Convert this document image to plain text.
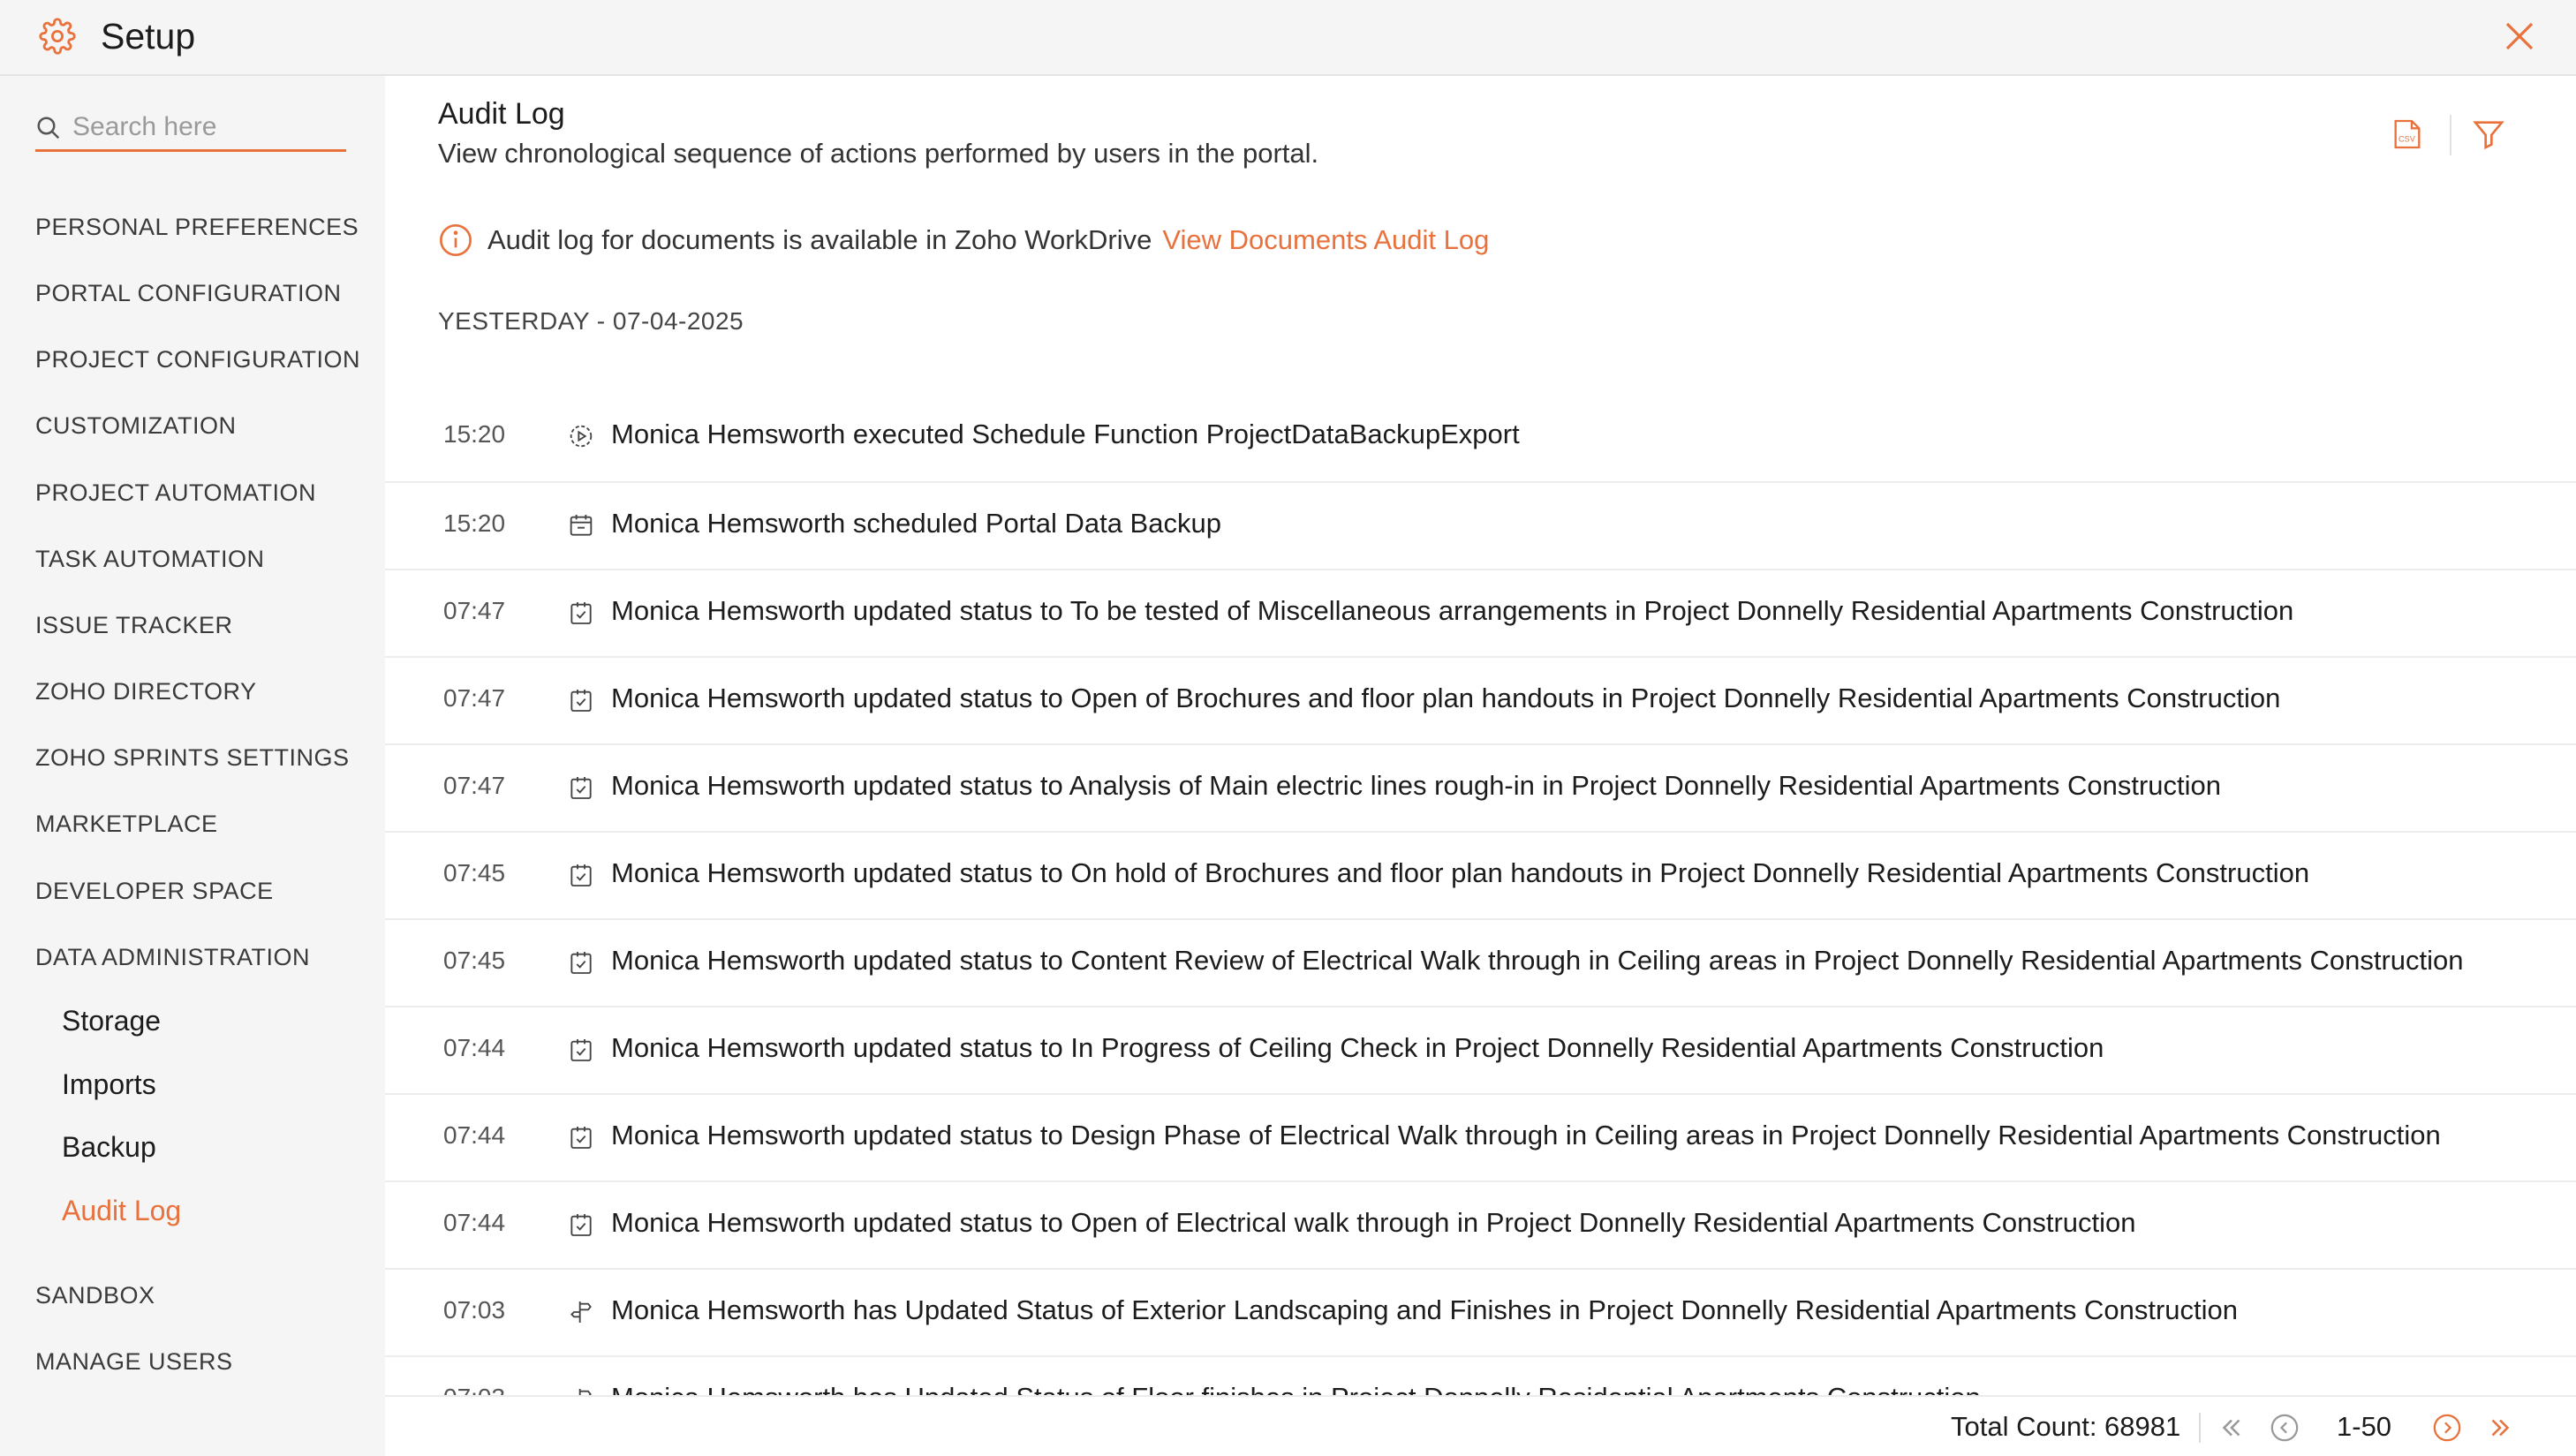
Setup
Search here
PERSONAL PREFERENCES
PORTAL CONFIGURATION
PROJECT CONFIGURATION
CUSTOMIZATION
PROJECT AUTOMATION
TASK AUTOMATION
ISSUE TRACKER
ZOHO DIRECTORY
ZOHO SPRINTS SETTINGS
MARKETPLACE
DEVELOPER SPACE
DATA ADMINISTRATION
Storage
Imports
Backup
Audit Log
SANDBOX
MANAGE USERS
Audit Log
View chronological sequence of actions performed by users in the portal.	CSV
Audit log for documents is available in Zoho WorkDrive View Documents Audit Log
YESTERDAY - 07-04-2025
15:20	Monica Hemsworth executed Schedule Function ProjectDataBackupExport
15:20	Monica Hemsworth scheduled Portal Data Backup
07:47	Monica Hemsworth updated status to To be tested of Miscellaneous arrangements in Project Donnelly Residential Apartments Construction
07:47	Monica Hemsworth updated status to Open of Brochures and floor plan handouts in Project Donnelly Residential Apartments Construction
07:47	Monica Hemsworth updated status to Analysis of Main electric lines rough-in in Project Donnelly Residential Apartments Construction
07:45	Monica Hemsworth updated status to On hold of Brochures and floor plan handouts in Project Donnelly Residential Apartments Construction
07:45	Monica Hemsworth updated status to Content Review of Electrical Walk through in Ceiling areas in Project Donnelly Residential Apartments Construction
07:44	Monica Hemsworth updated status to In Progress of Ceiling Check in Project Donnelly Residential Apartments Construction
07:44	Monica Hemsworth updated status to Design Phase of Electrical Walk through in Ceiling areas in Project Donnelly Residential Apartments Construction
07:44	Monica Hemsworth updated status to Open of Electrical walk through in Project Donnelly Residential Apartments Construction
07:03	Monica Hemsworth has Updated Status of Exterior Landscaping and Finishes in Project Donnelly Residential Apartments Construction
Total Count: 68981	1-50
